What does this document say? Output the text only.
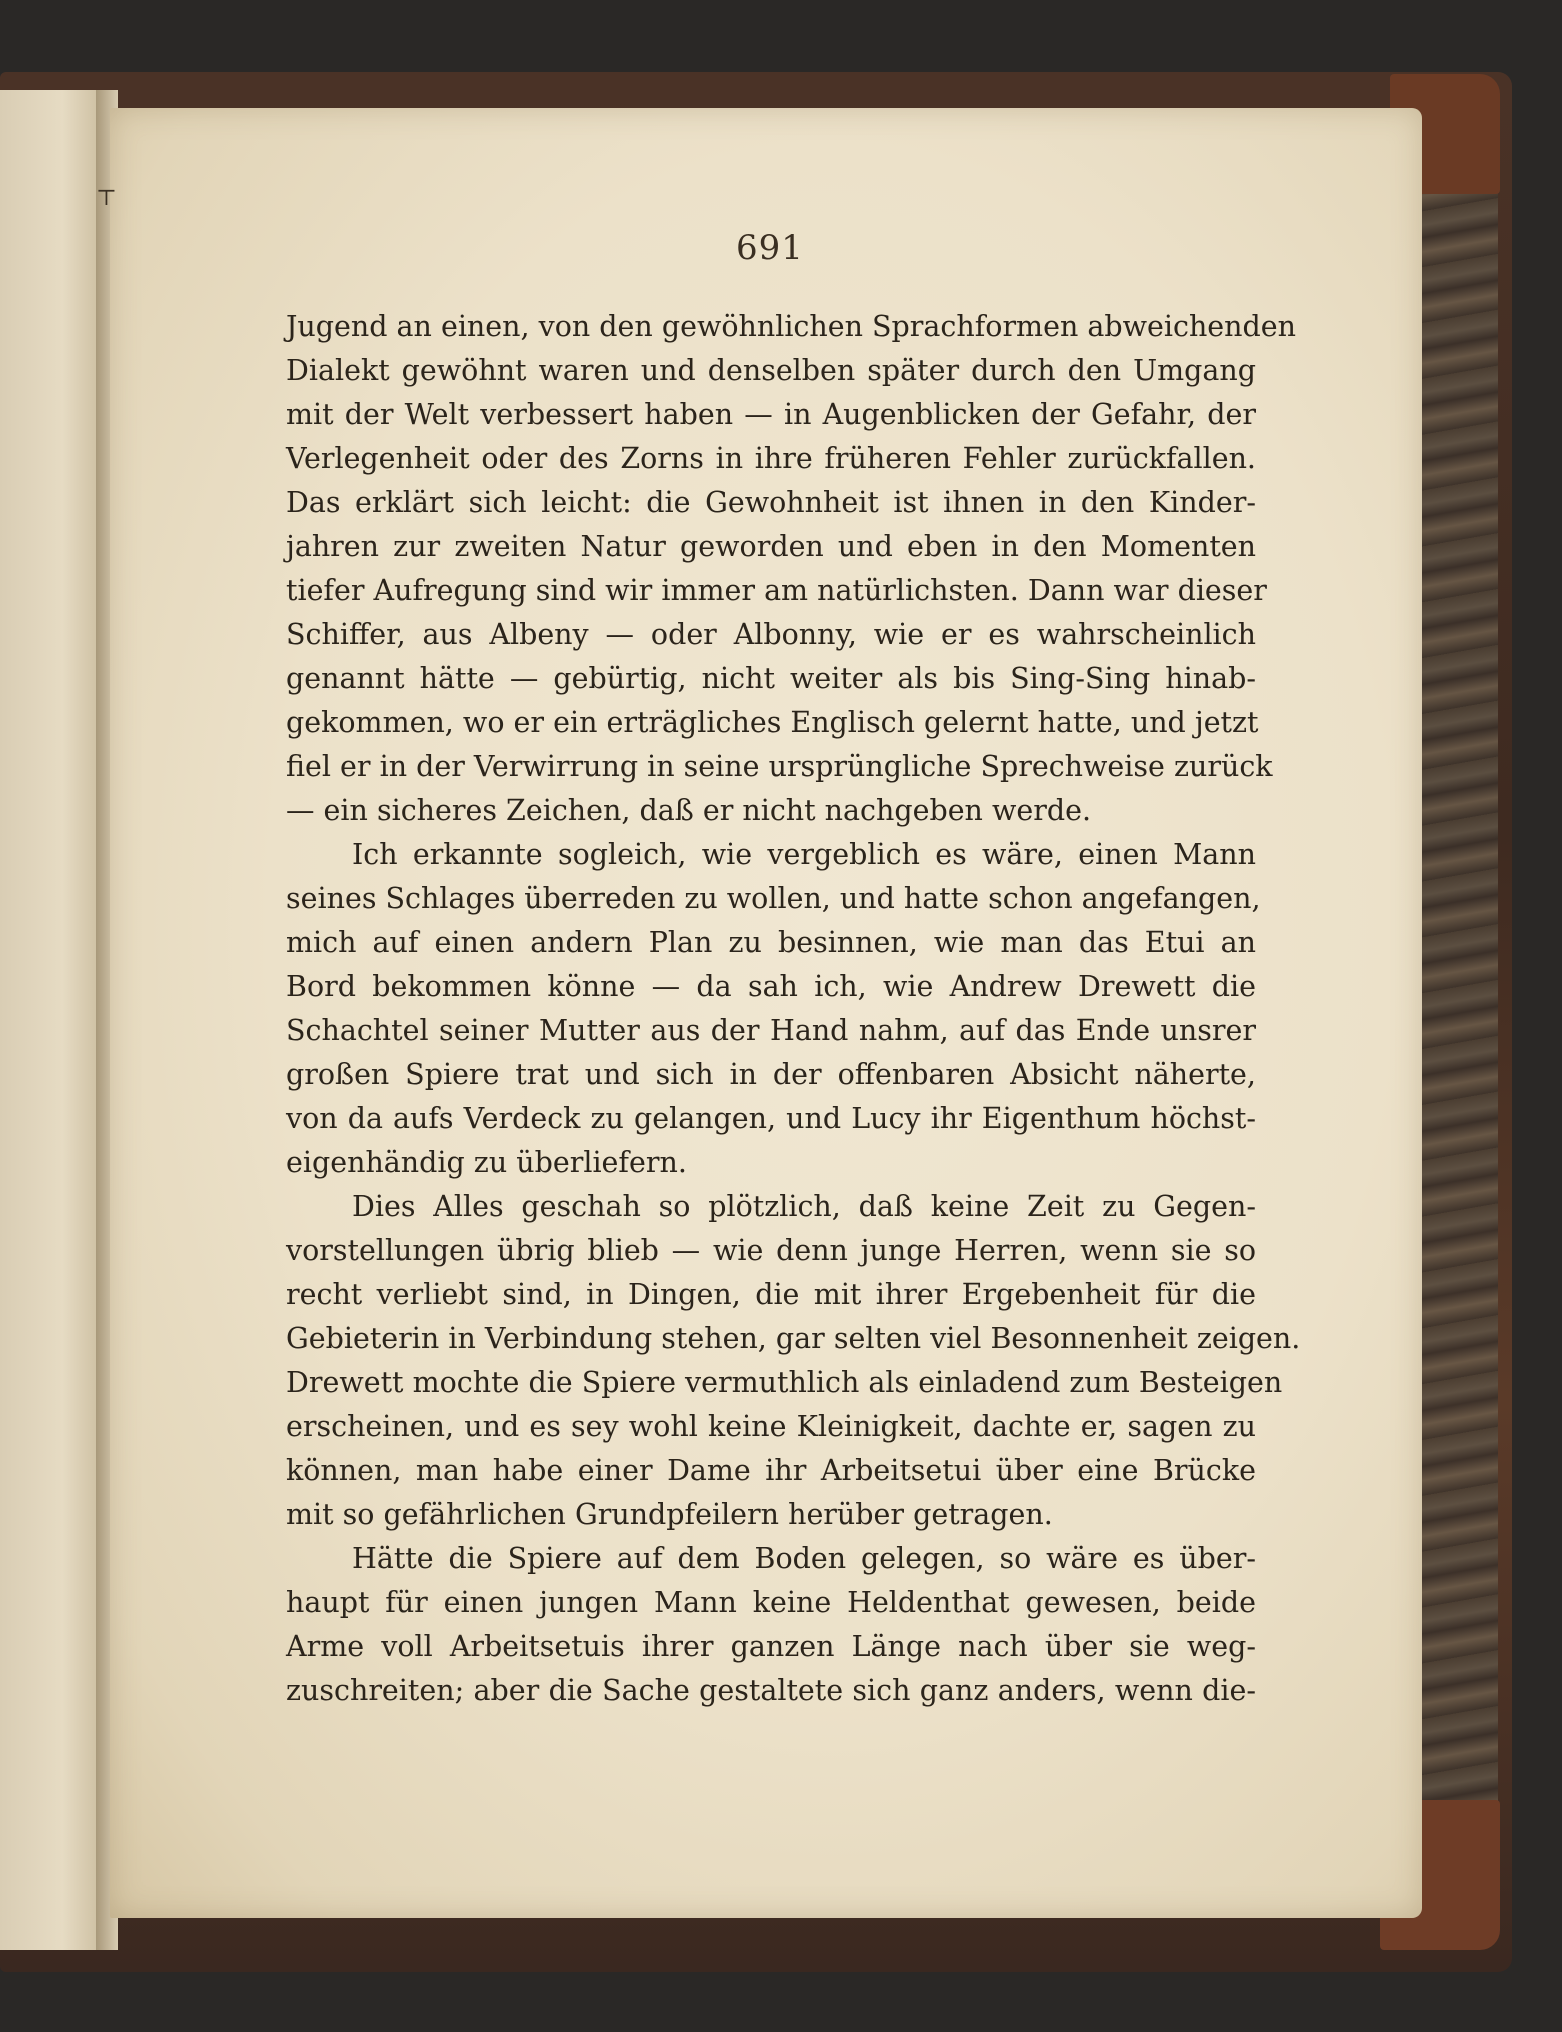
⊤
691
Jugend an einen, von den gewöhnlichen Sprachformen abweichenden
Dialekt gewöhnt waren und denselben später durch den Umgang
mit der Welt verbessert haben — in Augenblicken der Gefahr, der
Verlegenheit oder des Zorns in ihre früheren Fehler zurückfallen.
Das erklärt sich leicht: die Gewohnheit ist ihnen in den Kinder-
jahren zur zweiten Natur geworden und eben in den Momenten
tiefer Aufregung sind wir immer am natürlichsten. Dann war dieser
Schiffer, aus Albeny — oder Albonny, wie er es wahrscheinlich
genannt hätte — gebürtig, nicht weiter als bis Sing-Sing hinab-
gekommen, wo er ein erträgliches Englisch gelernt hatte, und jetzt
fiel er in der Verwirrung in seine ursprüngliche Sprechweise zurück
— ein sicheres Zeichen, daß er nicht nachgeben werde.
Ich erkannte sogleich, wie vergeblich es wäre, einen Mann
seines Schlages überreden zu wollen, und hatte schon angefangen,
mich auf einen andern Plan zu besinnen, wie man das Etui an
Bord bekommen könne — da sah ich, wie Andrew Drewett die
Schachtel seiner Mutter aus der Hand nahm, auf das Ende unsrer
großen Spiere trat und sich in der offenbaren Absicht näherte,
von da aufs Verdeck zu gelangen, und Lucy ihr Eigenthum höchst-
eigenhändig zu überliefern.
Dies Alles geschah so plötzlich, daß keine Zeit zu Gegen-
vorstellungen übrig blieb — wie denn junge Herren, wenn sie so
recht verliebt sind, in Dingen, die mit ihrer Ergebenheit für die
Gebieterin in Verbindung stehen, gar selten viel Besonnenheit zeigen.
Drewett mochte die Spiere vermuthlich als einladend zum Besteigen
erscheinen, und es sey wohl keine Kleinigkeit, dachte er, sagen zu
können, man habe einer Dame ihr Arbeitsetui über eine Brücke
mit so gefährlichen Grundpfeilern herüber getragen.
Hätte die Spiere auf dem Boden gelegen, so wäre es über-
haupt für einen jungen Mann keine Heldenthat gewesen, beide
Arme voll Arbeitsetuis ihrer ganzen Länge nach über sie weg-
zuschreiten; aber die Sache gestaltete sich ganz anders, wenn die-
